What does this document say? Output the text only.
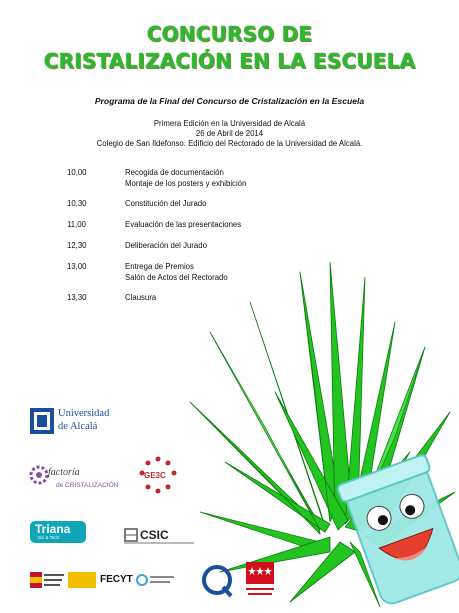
CONCURSO DE
CRISTALIZACIÓN EN LA ESCUELA
Programa de la Final del Concurso de Cristalización en la Escuela
Primera Edición en la Universidad de Alcalá
26 de Abril de 2014
Colegio de San Ildefonso. Edificio del Rectorado de la Universidad de Alcalá.
10,00	Recogida de documentación
Montaje de los posters y exhibición
10,30	Constitución del Jurado
11,00	Evaluación de las presentaciones
12,30	Deliberación del Jurado
13,00	Entrega de Premios
Salón de Actos del Rectorado
13,30	Clausura
Universidad
de Alcalá
factoría
de CRISTALIZACIÓN
GE3C
Triana
Sci & Tech	CSIC
FECYT
